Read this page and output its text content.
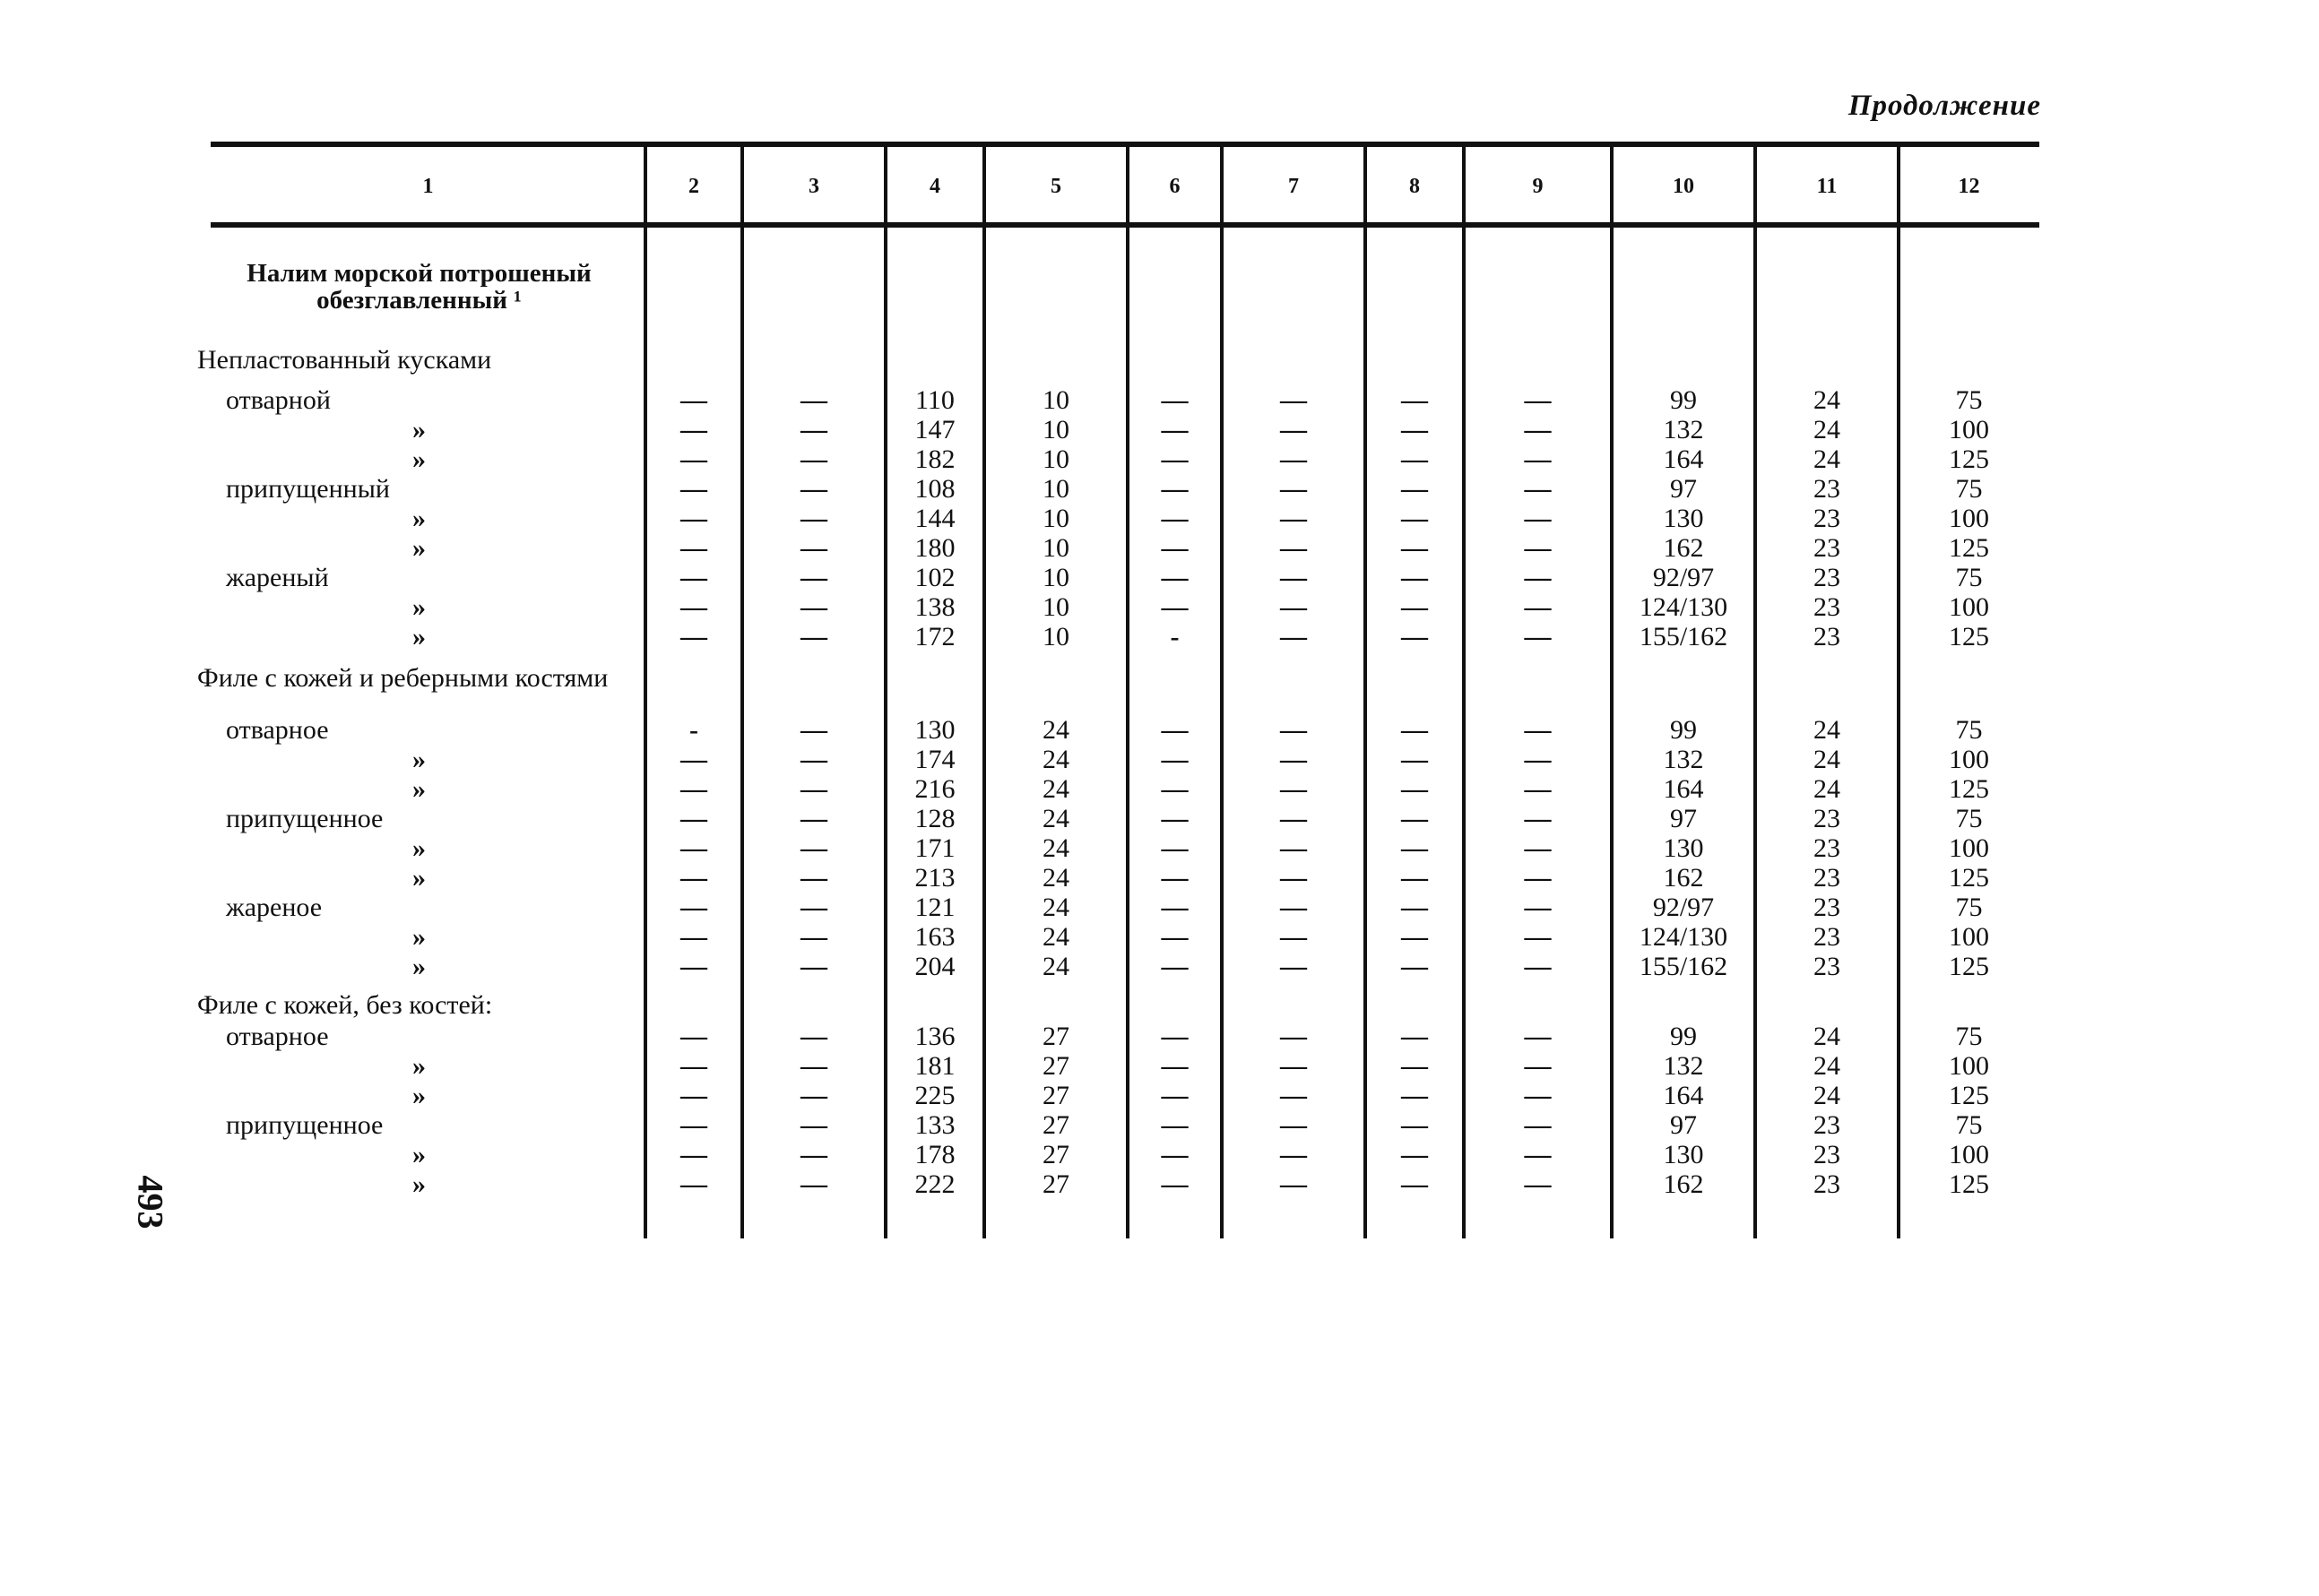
Продолжение
493
1	2	3	4	5	6	7	8	9	10	11	12
Налим морской потрошеный обезглавленный ¹
Непластованный кусками
отварной	—	—	110	10	—	—	—	—	99	24	75
»	—	—	147	10	—	—	—	—	132	24	100
»	—	—	182	10	—	—	—	—	164	24	125
припущенный	—	—	108	10	—	—	—	—	97	23	75
»	—	—	144	10	—	—	—	—	130	23	100
»	—	—	180	10	—	—	—	—	162	23	125
жареный	—	—	102	10	—	—	—	—	92/97	23	75
»	—	—	138	10	—	—	—	—	124/130	23	100
»	—	—	172	10	-	—	—	—	155/162	23	125
Филе с кожей и реберными костями
отварное	-	—	130	24	—	—	—	—	99	24	75
»	—	—	174	24	—	—	—	—	132	24	100
»	—	—	216	24	—	—	—	—	164	24	125
припущенное	—	—	128	24	—	—	—	—	97	23	75
»	—	—	171	24	—	—	—	—	130	23	100
»	—	—	213	24	—	—	—	—	162	23	125
жареное	—	—	121	24	—	—	—	—	92/97	23	75
»	—	—	163	24	—	—	—	—	124/130	23	100
»	—	—	204	24	—	—	—	—	155/162	23	125
Филе с кожей, без костей:
отварное	—	—	136	27	—	—	—	—	99	24	75
»	—	—	181	27	—	—	—	—	132	24	100
»	—	—	225	27	—	—	—	—	164	24	125
припущенное	—	—	133	27	—	—	—	—	97	23	75
»	—	—	178	27	—	—	—	—	130	23	100
»	—	—	222	27	—	—	—	—	162	23	125
